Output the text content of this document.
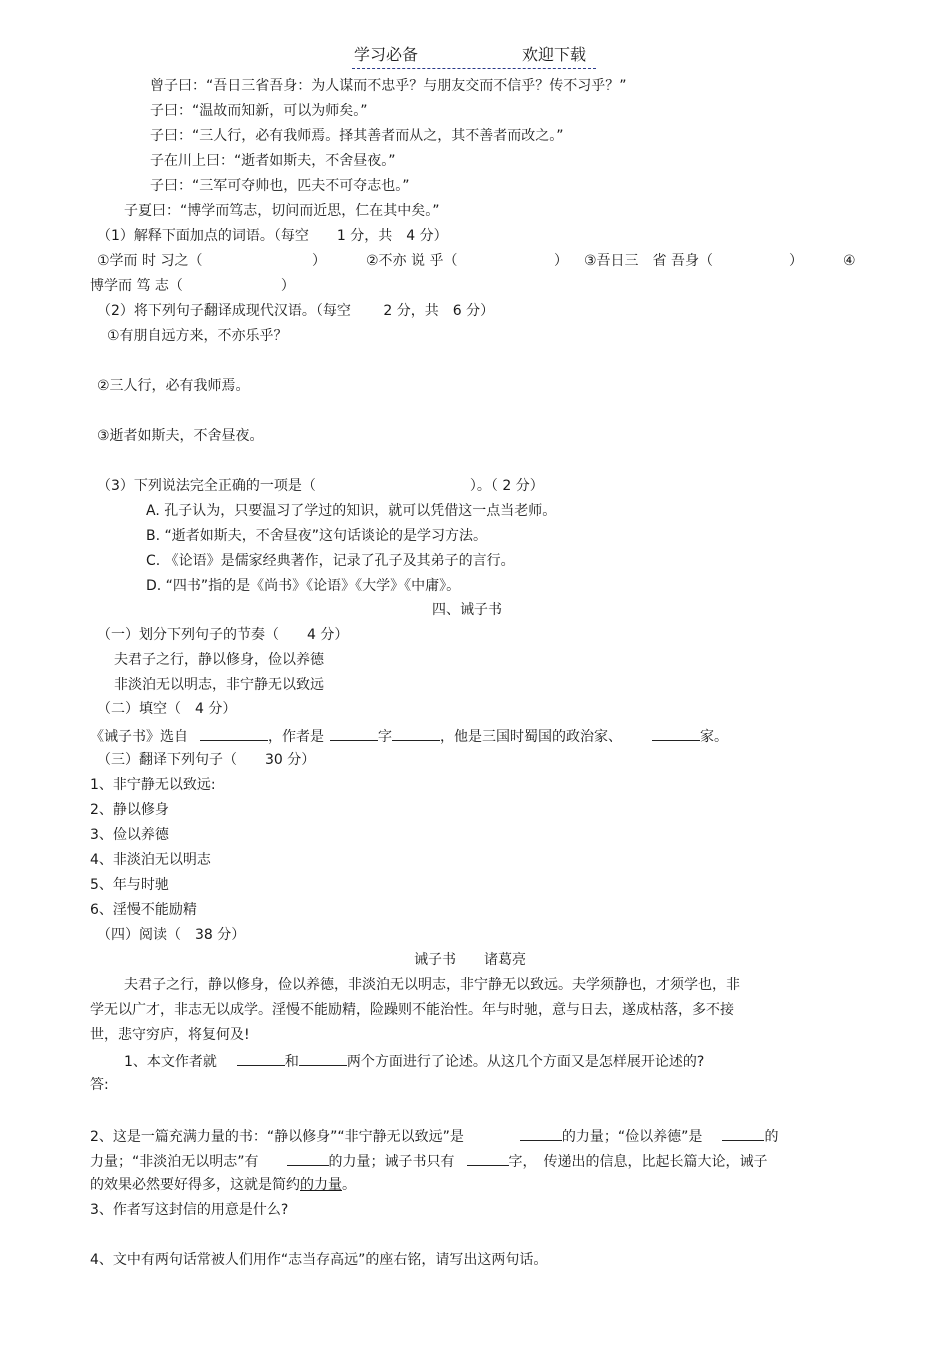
学习必备	欢迎下载
曾子曰：“吾日三省吾身：为人谋而不忠乎？与朋友交而不信乎？传不习乎？”
子曰：“温故而知新，可以为师矣。”
子曰：“三人行，必有我师焉。择其善者而从之，其不善者而改之。”
子在川上曰：“逝者如斯夫，不舍昼夜。”
子曰：“三军可夺帅也，匹夫不可夺志也。”
子夏曰：“博学而笃志，切问而近思，仁在其中矣。”
（1）解释下面加点的词语。（每空　　1 分，共　4 分）
①学而 时 习之（	）	②不亦 说 乎（	） ③吾日三　省 吾身（	）	④
博学而 笃 志（　　　　　　　）
（2）将下列句子翻译成现代汉语。（每空　　 2 分，共　6 分）
①有朋自远方来，不亦乐乎？
②三人行，必有我师焉。
③逝者如斯夫，不舍昼夜。
（3）下列说法完全正确的一项是（　　　　　　　　　　　）。（ 2 分）
A. 孔子认为，只要温习了学过的知识，就可以凭借这一点当老师。
B. “逝者如斯夫，不舍昼夜”这句话谈论的是学习方法。
C. 《论语》是儒家经典著作，记录了孔子及其弟子的言行。
D. “四书”指的是《尚书》《论语》《大学》《中庸》。
四、诫子书
（一）划分下列句子的节奏（　　4 分）
夫君子之行，静以修身，俭以养德
非淡泊无以明志，非宁静无以致远
（二）填空（　4 分）
《诫子书》选自	，作者是	字	，他是三国时蜀国的政治家、	家。
（三）翻译下列句子（　　30 分）
1、非宁静无以致远:
2、静以修身
3、俭以养德
4、非淡泊无以明志
5、年与时驰
6、淫慢不能励精
（四）阅读（　38 分）
诫子书　　诸葛亮
夫君子之行，静以修身，俭以养德，非淡泊无以明志，非宁静无以致远。夫学须静也，才须学也，非
学无以广才，非志无以成学。淫慢不能励精，险躁则不能治性。年与时驰，意与日去，遂成枯落，多不接
世，悲守穷庐，将复何及!
1、本文作者就	和	两个方面进行了论述。从这几个方面又是怎样展开论述的?
答:
2、这是一篇充满力量的书：“静以修身”“非宁静无以致远”是	的力量；“俭以养德”是	的
力量；“非淡泊无以明志”有	的力量；诫子书只有	字，　传递出的信息，比起长篇大论，诫子
的效果必然要好得多，这就是简约的力量。
3、作者写这封信的用意是什么?
4、文中有两句话常被人们用作“志当存高远”的座右铭，请写出这两句话。
